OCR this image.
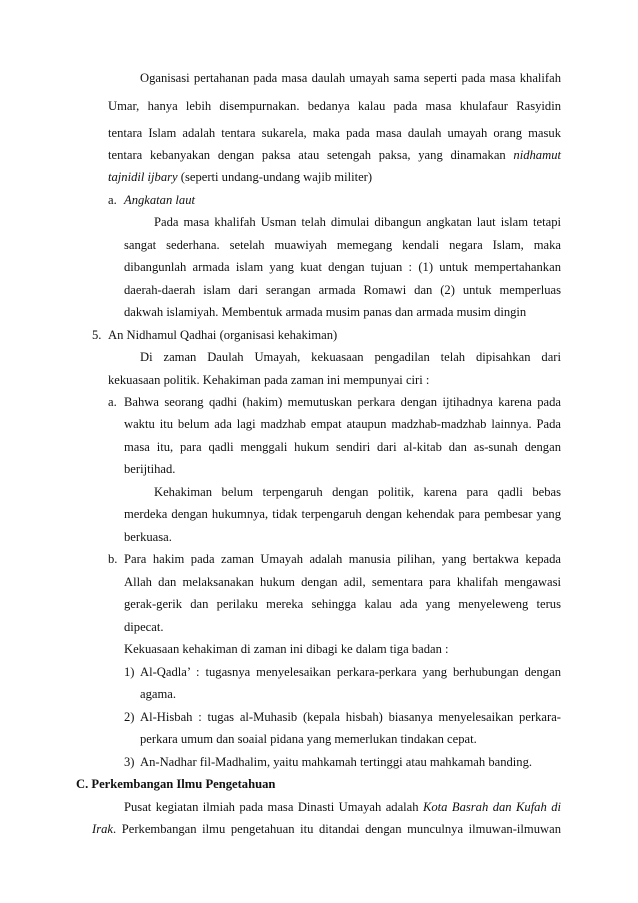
Oganisasi pertahanan pada masa daulah umayah sama seperti pada masa khalifah
Umar, hanya lebih disempurnakan. bedanya kalau pada masa khulafaur Rasyidin
tentara Islam adalah tentara sukarela, maka pada masa daulah umayah orang masuk
tentara kebanyakan dengan paksa atau setengah paksa, yang dinamakan nidhamut
tajnidil ijbary (seperti undang-undang wajib militer)
a. Angkatan laut
Pada masa khalifah Usman telah dimulai dibangun angkatan laut islam tetapi
sangat sederhana. setelah muawiyah memegang kendali negara Islam, maka
dibangunlah armada islam yang kuat dengan tujuan : (1) untuk mempertahankan
daerah-daerah islam dari serangan armada Romawi dan (2) untuk memperluas
dakwah islamiyah. Membentuk armada musim panas dan armada musim dingin
5. An Nidhamul Qadhai (organisasi kehakiman)
Di zaman Daulah Umayah, kekuasaan pengadilan telah dipisahkan dari
kekuasaan politik. Kehakiman pada zaman ini mempunyai ciri :
a. Bahwa seorang qadhi (hakim) memutuskan perkara dengan ijtihadnya karena pada
waktu itu belum ada lagi madzhab empat ataupun madzhab-madzhab lainnya. Pada
masa itu, para qadli menggali hukum sendiri dari al-kitab dan as-sunah dengan
berijtihad.
Kehakiman belum terpengaruh dengan politik, karena para qadli bebas
merdeka dengan hukumnya, tidak terpengaruh dengan kehendak para pembesar yang
berkuasa.
b. Para hakim pada zaman Umayah adalah manusia pilihan, yang bertakwa kepada
Allah dan melaksanakan hukum dengan adil, sementara para khalifah mengawasi
gerak-gerik dan perilaku mereka sehingga kalau ada yang menyeleweng terus
dipecat.
Kekuasaan kehakiman di zaman ini dibagi ke dalam tiga badan :
1) Al-Qadla’ : tugasnya menyelesaikan perkara-perkara yang berhubungan dengan
agama.
2) Al-Hisbah : tugas al-Muhasib (kepala hisbah) biasanya menyelesaikan perkara-
perkara umum dan soaial pidana yang memerlukan tindakan cepat.
3) An-Nadhar fil-Madhalim, yaitu mahkamah tertinggi atau mahkamah banding.
C. Perkembangan Ilmu Pengetahuan
Pusat kegiatan ilmiah pada masa Dinasti Umayah adalah Kota Basrah dan Kufah di
Irak. Perkembangan ilmu pengetahuan itu ditandai dengan munculnya ilmuwan-ilmuwan
